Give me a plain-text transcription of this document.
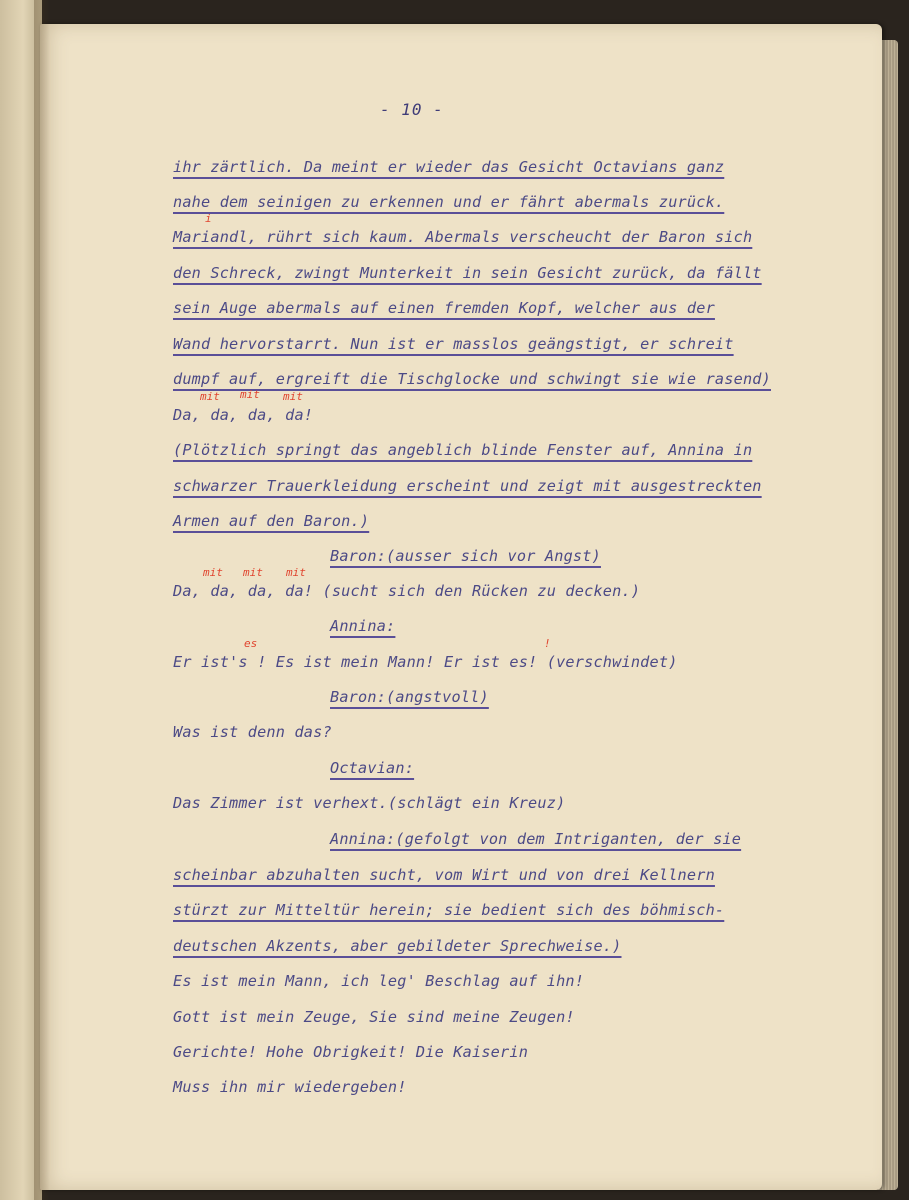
- 10 -
ihr zärtlich. Da meint er wieder das Gesicht Octavians ganz
nahe dem seinigen zu erkennen und er fährt abermals zurück.
Mariandl, rührt sich kaum. Abermals verscheucht der Baron sich
den Schreck, zwingt Munterkeit in sein Gesicht zurück, da fällt
sein Auge abermals auf einen fremden Kopf, welcher aus der
Wand hervorstarrt. Nun ist er masslos geängstigt, er schreit
dumpf auf, ergreift die Tischglocke und schwingt sie wie rasend)
Da, da, da, da!
(Plötzlich springt das angeblich blinde Fenster auf, Annina in
schwarzer Trauerkleidung erscheint und zeigt mit ausgestreckten
Armen auf den Baron.)
Baron:(ausser sich vor Angst)
Da, da, da, da! (sucht sich den Rücken zu decken.)
Annina:
Er ist's ! Es ist mein Mann! Er ist es! (verschwindet)
Baron:(angstvoll)
Was ist denn das?
Octavian:
Das Zimmer ist verhext.(schlägt ein Kreuz)
Annina:(gefolgt von dem Intriganten, der sie
scheinbar abzuhalten sucht, vom Wirt und von drei Kellnern
stürzt zur Mitteltür herein; sie bedient sich des böhmisch-
deutschen Akzents, aber gebildeter Sprechweise.)
Es ist mein Mann, ich leg' Beschlag auf ihn!
Gott ist mein Zeuge, Sie sind meine Zeugen!
Gerichte! Hohe Obrigkeit! Die Kaiserin
Muss ihn mir wiedergeben!
i
mit mit mit
mit mit mit
es	!
